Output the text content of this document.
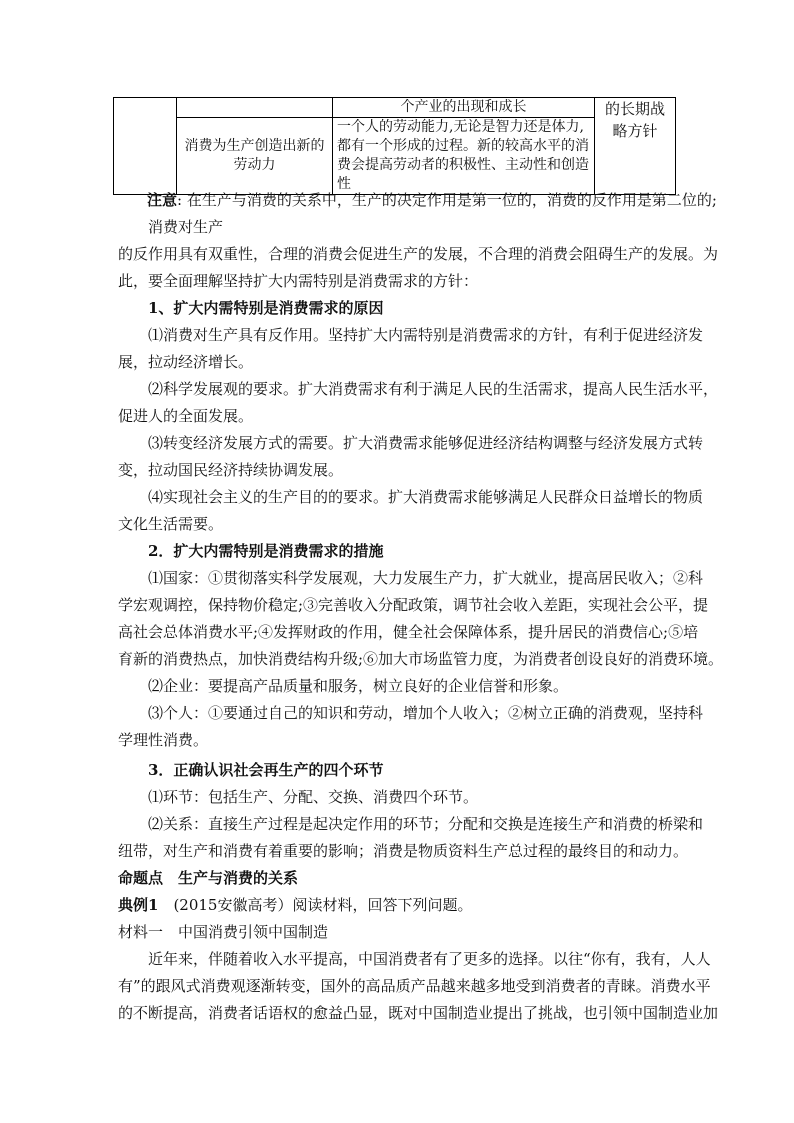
		个产业的出现和成长	的长期战略方针
	消费为生产创造出新的劳动力	一个人的劳动能力,无论是智力还是体力,都有一个形成的过程。新的较高水平的消费会提高劳动者的积极性、主动性和创造性	
注意: 在生产与消费的关系中，生产的决定作用是第一位的，消费的反作用是第二位的;
消费对生产
的反作用具有双重性，合理的消费会促进生产的发展，不合理的消费会阻碍生产的发展。为
此，要全面理解坚持扩大内需特别是消费需求的方针：
1、扩大内需特别是消费需求的原因
⑴消费对生产具有反作用。坚持扩大内需特别是消费需求的方针，有利于促进经济发
展，拉动经济增长。
⑵科学发展观的要求。扩大消费需求有利于满足人民的生活需求，提高人民生活水平，
促进人的全面发展。
⑶转变经济发展方式的需要。扩大消费需求能够促进经济结构调整与经济发展方式转
变，拉动国民经济持续协调发展。
⑷实现社会主义的生产目的的要求。扩大消费需求能够满足人民群众日益增长的物质
文化生活需要。
2．扩大内需特别是消费需求的措施
⑴国家：①贯彻落实科学发展观，大力发展生产力，扩大就业，提高居民收入；②科
学宏观调控，保持物价稳定;③完善收入分配政策，调节社会收入差距，实现社会公平，提
高社会总体消费水平;④发挥财政的作用，健全社会保障体系，提升居民的消费信心;⑤培
育新的消费热点，加快消费结构升级;⑥加大市场监管力度，为消费者创设良好的消费环境。
⑵企业：要提高产品质量和服务，树立良好的企业信誉和形象。
⑶个人：①要通过自己的知识和劳动，增加个人收入；②树立正确的消费观，坚持科
学理性消费。
3．正确认识社会再生产的四个环节
⑴环节：包括生产、分配、交换、消费四个环节。
⑵关系：直接生产过程是起决定作用的环节；分配和交换是连接生产和消费的桥梁和
纽带，对生产和消费有着重要的影响；消费是物质资料生产总过程的最终目的和动力。
命题点　生产与消费的关系
典例1　(2015安徽高考）阅读材料，回答下列问题。
材料一　中国消费引领中国制造
近年来，伴随着收入水平提高，中国消费者有了更多的选择。以往“你有，我有，人人
有”的跟风式消费观逐渐转变，国外的高品质产品越来越多地受到消费者的青睐。消费水平
的不断提高，消费者话语权的愈益凸显，既对中国制造业提出了挑战，也引领中国制造业加
